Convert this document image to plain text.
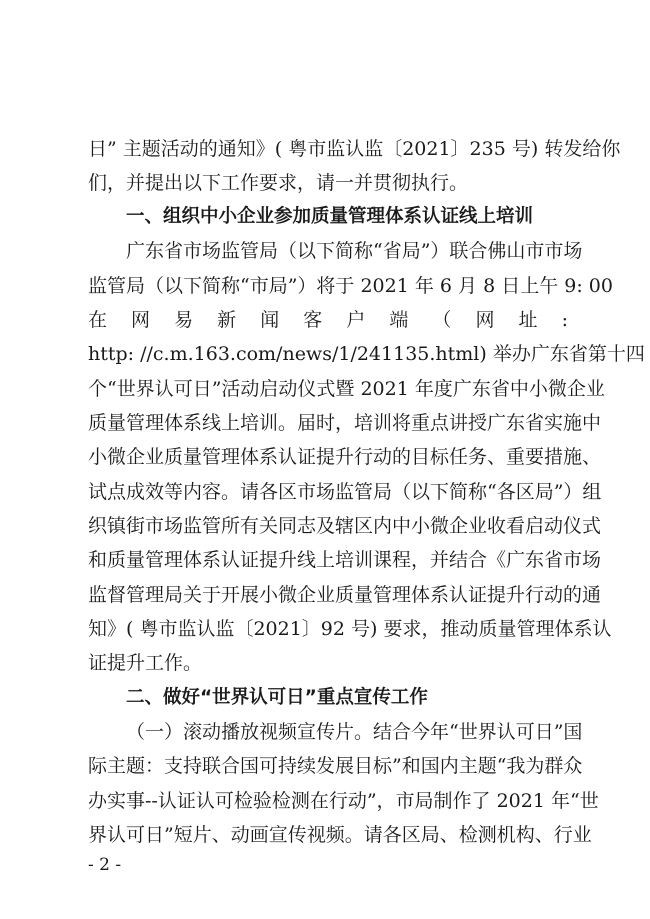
日” 主题活动的通知》( 粤市监认监〔2021〕235 号) 转发给你
们，并提出以下工作要求，请一并贯彻执行。
一、组织中小企业参加质量管理体系认证线上培训
广东省市场监管局（以下简称“省局”）联合佛山市市场
监管局（以下简称“市局”）将于 2021 年 6 月 8 日上午 9: 00
在 网 易 新 闻 客 户 端 （ 网 址 :
http: //c.m.163.com/news/1/241135.html) 举办广东省第十四
个“世界认可日”活动启动仪式暨 2021 年度广东省中小微企业
质量管理体系线上培训。届时，培训将重点讲授广东省实施中
小微企业质量管理体系认证提升行动的目标任务、重要措施、
试点成效等内容。请各区市场监管局（以下简称“各区局”）组
织镇街市场监管所有关同志及辖区内中小微企业收看启动仪式
和质量管理体系认证提升线上培训课程，并结合《广东省市场
监督管理局关于开展小微企业质量管理体系认证提升行动的通
知》( 粤市监认监〔2021〕92 号) 要求，推动质量管理体系认
证提升工作。
二、做好“世界认可日”重点宣传工作
（一）滚动播放视频宣传片。结合今年“世界认可日”国
际主题：支持联合国可持续发展目标”和国内主题“我为群众
办实事--认证认可检验检测在行动”，市局制作了 2021 年“世
界认可日”短片、动画宣传视频。请各区局、检测机构、行业
- 2 -
